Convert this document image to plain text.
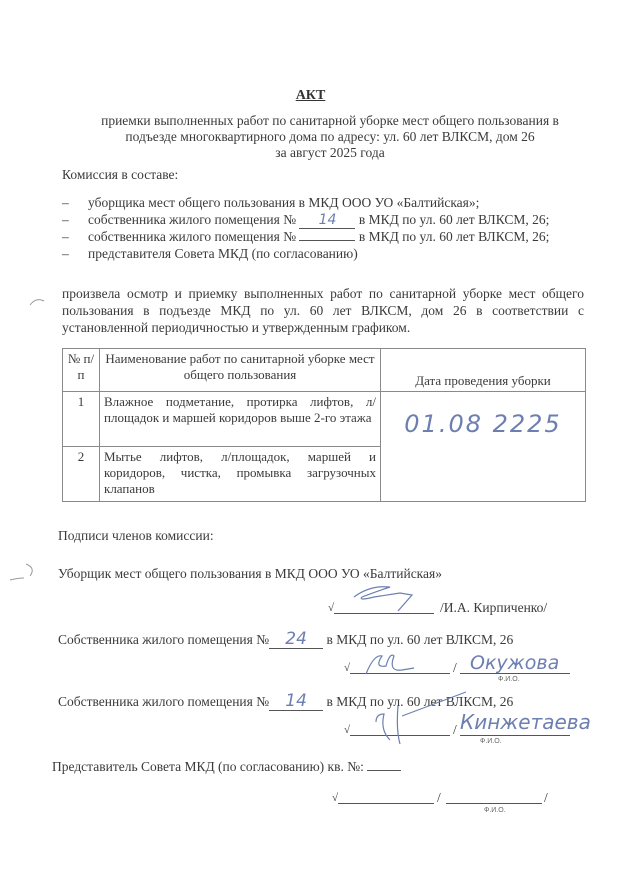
АКТ
приемки выполненных работ по санитарной уборке мест общего пользования в
подъезде многоквартирного дома по адресу: ул. 60 лет ВЛКСМ, дом 26
за август 2025 года
Комиссия в составе:
– уборщика мест общего пользования в МКД ООО УО «Балтийская»;
– собственника жилого помещения № 14 в МКД по ул. 60 лет ВЛКСМ, 26;
– собственника жилого помещения №	в МКД по ул. 60 лет ВЛКСМ, 26;
– представителя Совета МКД (по согласованию)
произвела осмотр и приемку выполненных работ по санитарной уборке мест общего пользования в подъезде МКД по ул. 60 лет ВЛКСМ, дом 26 в соответствии с установленной периодичностью и утвержденным графиком.
№ п/п	Наименование работ по санитарной уборке мест общего пользования	Дата проведения уборки
1	Влажное подметание, протирка лифтов, л/площадок и маршей коридоров выше 2-го этажа	01.08 2225
2	Мытье лифтов, л/площадок, маршей и коридоров, чистка, промывка загрузочных клапанов	
Подписи членов комиссии:
Уборщик мест общего пользования в МКД ООО УО «Балтийская»
√	/И.А. Кирпиченко/
Собственника жилого помещения № 24 в МКД по ул. 60 лет ВЛКСМ, 26
√	/ Окужова
Ф.И.О.
Собственника жилого помещения № 14 в МКД по ул. 60 лет ВЛКСМ, 26
√	/ Кинжетаева
Ф.И.О.
Представитель Совета МКД (по согласованию) кв. №:
√	/	/
Ф.И.О.
